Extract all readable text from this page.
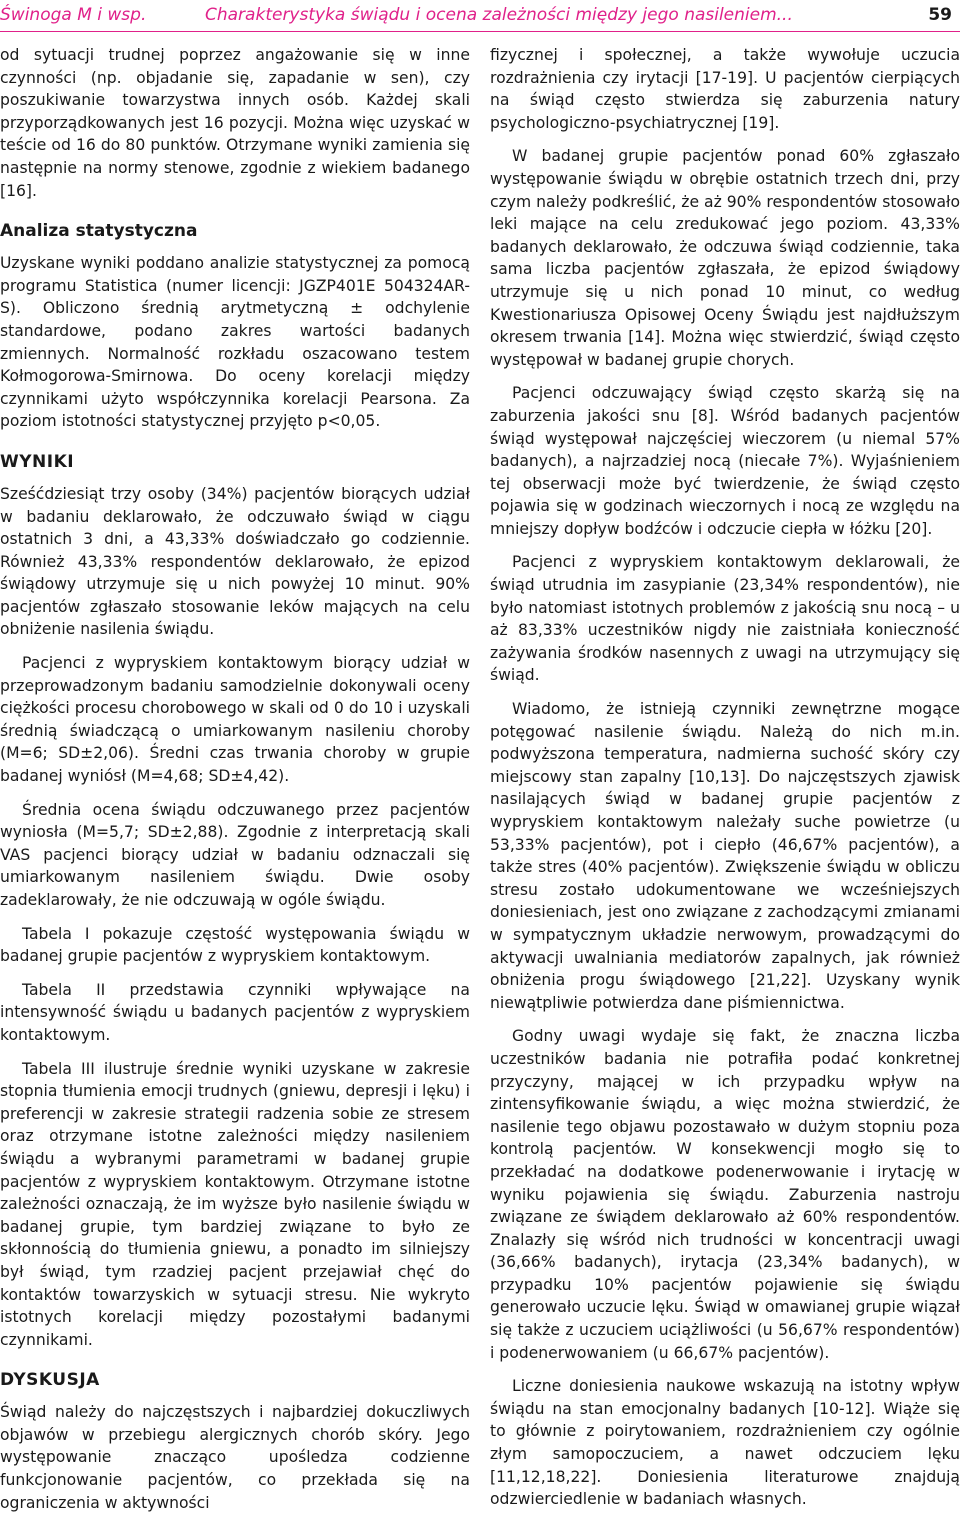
Świnoga M i wsp.	Charakterystyka świądu i ocena zależności między jego nasileniem...	59

od sytuacji trudnej poprzez angażowanie się w inne czynności (np. objadanie się, zapadanie w sen), czy poszukiwanie towarzystwa innych osób. Każdej skali przyporządkowanych jest 16 pozycji. Można więc uzyskać w teście od 16 do 80 punktów. Otrzymane wyniki zamienia się następnie na normy stenowe, zgodnie z wiekiem badanego [16].

Analiza statystyczna

Uzyskane wyniki poddano analizie statystycznej za pomocą programu Statistica (numer licencji: JGZP401E 504324AR-S). Obliczono średnią arytmetyczną ± odchylenie standardowe, podano zakres wartości badanych zmiennych. Normalność rozkładu oszacowano testem Kołmogorowa-Smirnowa. Do oceny korelacji między czynnikami użyto współczynnika korelacji Pearsona. Za poziom istotności statystycznej przyjęto p<0,05.

WYNIKI

Sześćdziesiąt trzy osoby (34%) pacjentów biorących udział w badaniu deklarowało, że odczuwało świąd w ciągu ostatnich 3 dni, a 43,33% doświadczało go codziennie. Również 43,33% respondentów deklarowało, że epizod świądowy utrzymuje się u nich powyżej 10 minut. 90% pacjentów zgłaszało stosowanie leków mających na celu obniżenie nasilenia świądu.

Pacjenci z wypryskiem kontaktowym biorący udział w przeprowadzonym badaniu samodzielnie dokonywali oceny ciężkości procesu chorobowego w skali od 0 do 10 i uzyskali średnią świadczącą o umiarkowanym nasileniu choroby (M=6; SD±2,06). Średni czas trwania choroby w grupie badanej wyniósł (M=4,68; SD±4,42).

Średnia ocena świądu odczuwanego przez pacjentów wyniosła (M=5,7; SD±2,88). Zgodnie z interpretacją skali VAS pacjenci biorący udział w badaniu odznaczali się umiarkowanym nasileniem świądu. Dwie osoby zadeklarowały, że nie odczuwają w ogóle świądu.

Tabela I pokazuje częstość występowania świądu w badanej grupie pacjentów z wypryskiem kontaktowym.

Tabela II przedstawia czynniki wpływające na intensywność świądu u badanych pacjentów z wypryskiem kontaktowym.

Tabela III ilustruje średnie wyniki uzyskane w zakresie stopnia tłumienia emocji trudnych (gniewu, depresji i lęku) i preferencji w zakresie strategii radzenia sobie ze stresem oraz otrzymane istotne zależności między nasileniem świądu a wybranymi parametrami w badanej grupie pacjentów z wypryskiem kontaktowym. Otrzymane istotne zależności oznaczają, że im wyższe było nasilenie świądu w badanej grupie, tym bardziej związane to było ze skłonnością do tłumienia gniewu, a ponadto im silniejszy był świąd, tym rzadziej pacjent przejawiał chęć do kontaktów towarzyskich w sytuacji stresu. Nie wykryto istotnych korelacji między pozostałymi badanymi czynnikami.

DYSKUSJA

Świąd należy do najczęstszych i najbardziej dokuczliwych objawów w przebiegu alergicznych chorób skóry. Jego występowanie znacząco upośledza codzienne funkcjonowanie pacjentów, co przekłada się na ograniczenia w aktywności

fizycznej i społecznej, a także wywołuje uczucia rozdrażnienia czy irytacji [17-19]. U pacjentów cierpiących na świąd często stwierdza się zaburzenia natury psychologiczno-psychiatrycznej [19].

W badanej grupie pacjentów ponad 60% zgłaszało występowanie świądu w obrębie ostatnich trzech dni, przy czym należy podkreślić, że aż 90% respondentów stosowało leki mające na celu zredukować jego poziom. 43,33% badanych deklarowało, że odczuwa świąd codziennie, taka sama liczba pacjentów zgłaszała, że epizod świądowy utrzymuje się u nich ponad 10 minut, co według Kwestionariusza Opisowej Oceny Świądu jest najdłuższym okresem trwania [14]. Można więc stwierdzić, świąd często występował w badanej grupie chorych.

Pacjenci odczuwający świąd często skarżą się na zaburzenia jakości snu [8]. Wśród badanych pacjentów świąd występował najczęściej wieczorem (u niemal 57% badanych), a najrzadziej nocą (niecałe 7%). Wyjaśnieniem tej obserwacji może być twierdzenie, że świąd często pojawia się w godzinach wieczornych i nocą ze względu na mniejszy dopływ bodźców i odczucie ciepła w łóżku [20].

Pacjenci z wypryskiem kontaktowym deklarowali, że świąd utrudnia im zasypianie (23,34% respondentów), nie było natomiast istotnych problemów z jakością snu nocą – u aż 83,33% uczestników nigdy nie zaistniała konieczność zażywania środków nasennych z uwagi na utrzymujący się świąd.

Wiadomo, że istnieją czynniki zewnętrzne mogące potęgować nasilenie świądu. Należą do nich m.in. podwyższona temperatura, nadmierna suchość skóry czy miejscowy stan zapalny [10,13]. Do najczęstszych zjawisk nasilających świąd w badanej grupie pacjentów z wypryskiem kontaktowym należały suche powietrze (u 53,33% pacjentów), pot i ciepło (46,67% pacjentów), a także stres (40% pacjentów). Zwiększenie świądu w obliczu stresu zostało udokumentowane we wcześniejszych doniesieniach, jest ono związane z zachodzącymi zmianami w sympatycznym układzie nerwowym, prowadzącymi do aktywacji uwalniania mediatorów zapalnych, jak również obniżenia progu świądowego [21,22]. Uzyskany wynik niewątpliwie potwierdza dane piśmiennictwa.

Godny uwagi wydaje się fakt, że znaczna liczba uczestników badania nie potrafiła podać konkretnej przyczyny, mającej w ich przypadku wpływ na zintensyfikowanie świądu, a więc można stwierdzić, że nasilenie tego objawu pozostawało w dużym stopniu poza kontrolą pacjentów. W konsekwencji mogło się to przekładać na dodatkowe podenerwowanie i irytację w wyniku pojawienia się świądu. Zaburzenia nastroju związane ze świądem deklarowało aż 60% respondentów. Znalazły się wśród nich trudności w koncentracji uwagi (36,66% badanych), irytacja (23,34% badanych), w przypadku 10% pacjentów pojawienie się świądu generowało uczucie lęku. Świąd w omawianej grupie wiązał się także z uczuciem uciążliwości (u 56,67% respondentów) i podenerwowaniem (u 66,67% pacjentów).

Liczne doniesienia naukowe wskazują na istotny wpływ świądu na stan emocjonalny badanych [10-12]. Wiąże się to głównie z poirytowaniem, rozdrażnieniem czy ogólnie złym samopoczuciem, a nawet odczuciem lęku [11,12,18,22]. Doniesienia literaturowe znajdują odzwierciedlenie w badaniach własnych.
